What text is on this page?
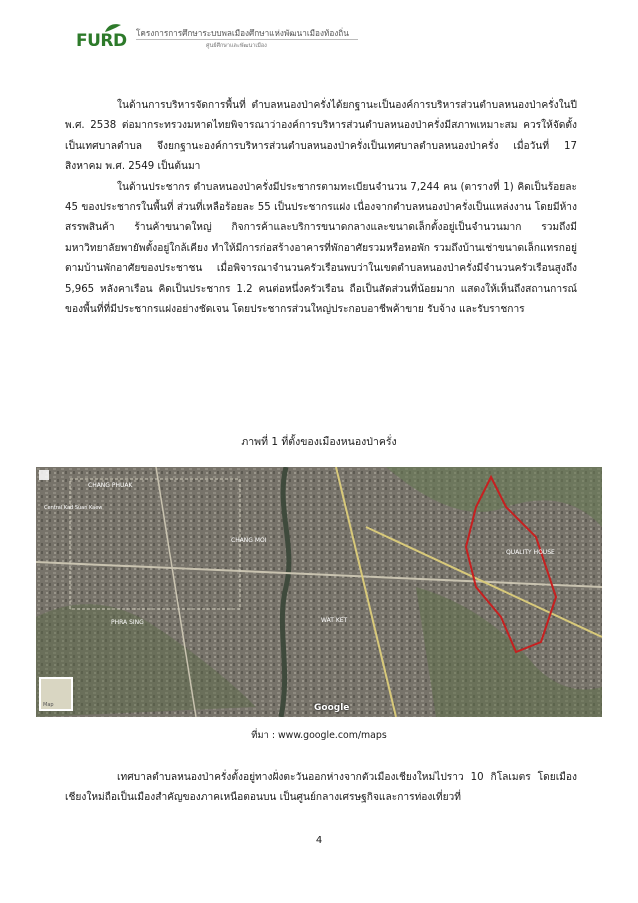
FURD โครงการการศึกษาระบบพลเมืองศึกษาแห่งพัฒนาเมืองท้องถิ่น
ศูนย์ศึกษาและพัฒนาเมือง

ในด้านการบริหารจัดการพื้นที่ ตำบลหนองป่าครั่งได้ยกฐานะเป็นองค์การบริหารส่วนตำบลหนองป่าครั่งในปี พ.ศ. 2538 ต่อมากระทรวงมหาดไทยพิจารณาว่าองค์การบริหารส่วนตำบลหนองป่าครั่งมีสภาพเหมาะสม ควรให้จัดตั้งเป็นเทศบาลตำบล จึงยกฐานะองค์การบริหารส่วนตำบลหนองป่าครั่งเป็นเทศบาลตำบลหนองป่าครั่ง เมื่อวันที่ 17 สิงหาคม พ.ศ. 2549 เป็นต้นมา

ในด้านประชากร ตำบลหนองป่าครั่งมีประชากรตามทะเบียนจำนวน 7,244 คน (ตารางที่ 1) คิดเป็นร้อยละ 45 ของประชากรในพื้นที่ ส่วนที่เหลือร้อยละ 55 เป็นประชากรแฝง เนื่องจากตำบลหนองป่าครั่งเป็นแหล่งงาน โดยมีห้างสรรพสินค้า ร้านค้าขนาดใหญ่ กิจการค้าและบริการขนาดกลางและขนาดเล็กตั้งอยู่เป็นจำนวนมาก รวมถึงมีมหาวิทยาลัยพายัพตั้งอยู่ใกล้เคียง ทำให้มีการก่อสร้างอาคารที่พักอาศัยรวมหรือหอพัก รวมถึงบ้านเช่าขนาดเล็กแทรกอยู่ตามบ้านพักอาศัยของประชาชน เมื่อพิจารณาจำนวนครัวเรือนพบว่าในเขตตำบลหนองป่าครั่งมีจำนวนครัวเรือนสูงถึง 5,965 หลังคาเรือน คิดเป็นประชากร 1.2 คนต่อหนึ่งครัวเรือน ถือเป็นสัดส่วนที่น้อยมาก แสดงให้เห็นถึงสถานการณ์ของพื้นที่ที่มีประชากรแฝงอย่างชัดเจน โดยประชากรส่วนใหญ่ประกอบอาชีพค้าขาย รับจ้าง และรับราชการ

ภาพที่ 1 ที่ตั้งของเมืองหนองป่าครั่ง
CHANG PHUAK
CHANG MOI
PHRA SING	WAT KET
QUALITY HOUSE
Central Kad Suan Kaew
Map	Google
ที่มา : www.google.com/maps

เทศบาลตำบลหนองป่าครั่งตั้งอยู่ทางฝั่งตะวันออกห่างจากตัวเมืองเชียงใหม่ไปราว 10 กิโลเมตร โดยเมืองเชียงใหม่ถือเป็นเมืองสำคัญของภาคเหนือตอนบน เป็นศูนย์กลางเศรษฐกิจและการท่องเที่ยวที่

4
